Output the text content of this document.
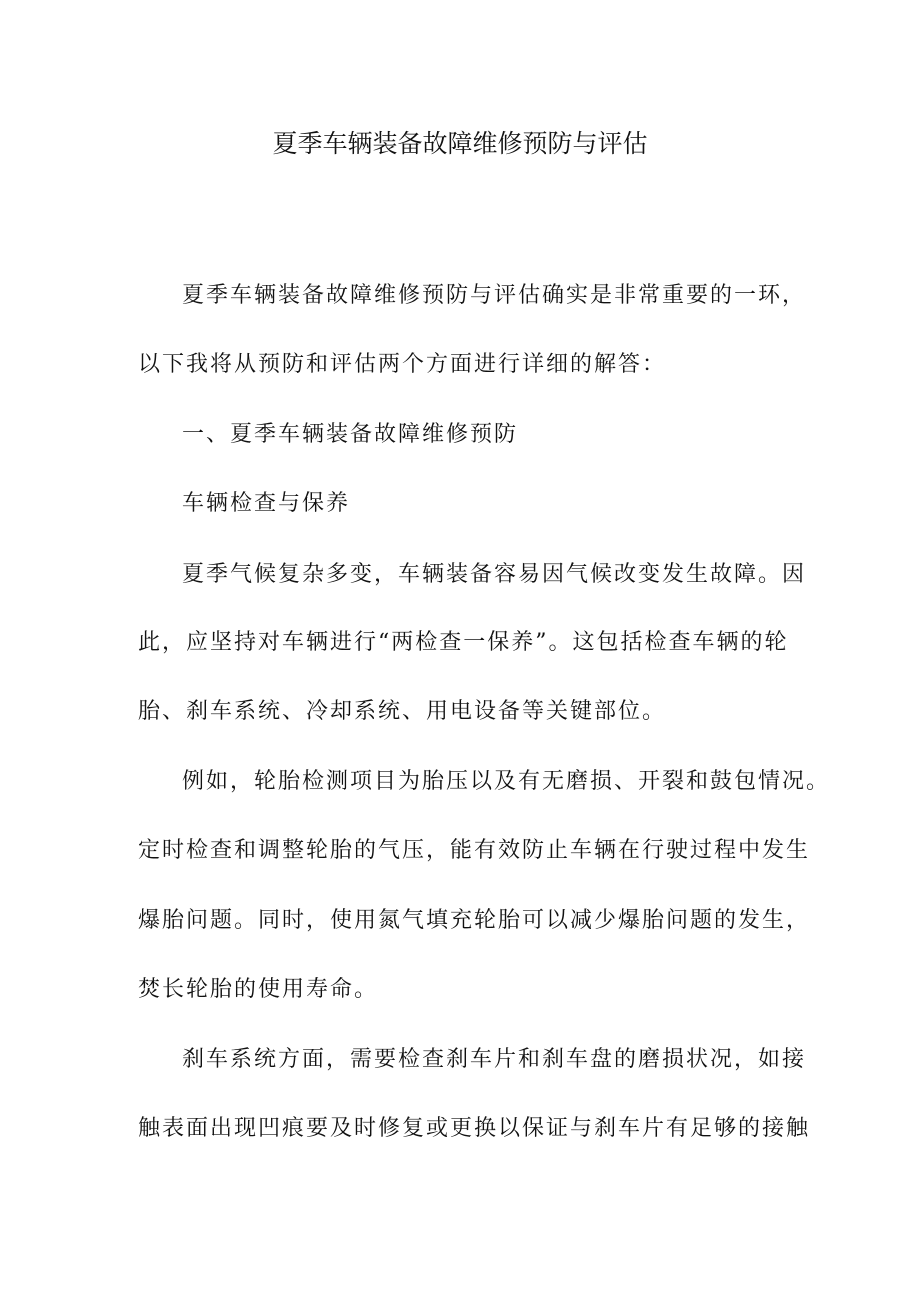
夏季车辆装备故障维修预防与评估
夏季车辆装备故障维修预防与评估确实是非常重要的一环，
以下我将从预防和评估两个方面进行详细的解答：
一、夏季车辆装备故障维修预防
车辆检查与保养
夏季气候复杂多变，车辆装备容易因气候改变发生故障。因
此，应坚持对车辆进行“两检查一保养”。这包括检查车辆的轮
胎、刹车系统、冷却系统、用电设备等关键部位。
例如，轮胎检测项目为胎压以及有无磨损、开裂和鼓包情况。
定时检查和调整轮胎的气压，能有效防止车辆在行驶过程中发生
爆胎问题。同时，使用氮气填充轮胎可以减少爆胎问题的发生，
焚长轮胎的使用寿命。
刹车系统方面，需要检查刹车片和刹车盘的磨损状况，如接
触表面出现凹痕要及时修复或更换以保证与刹车片有足够的接触
